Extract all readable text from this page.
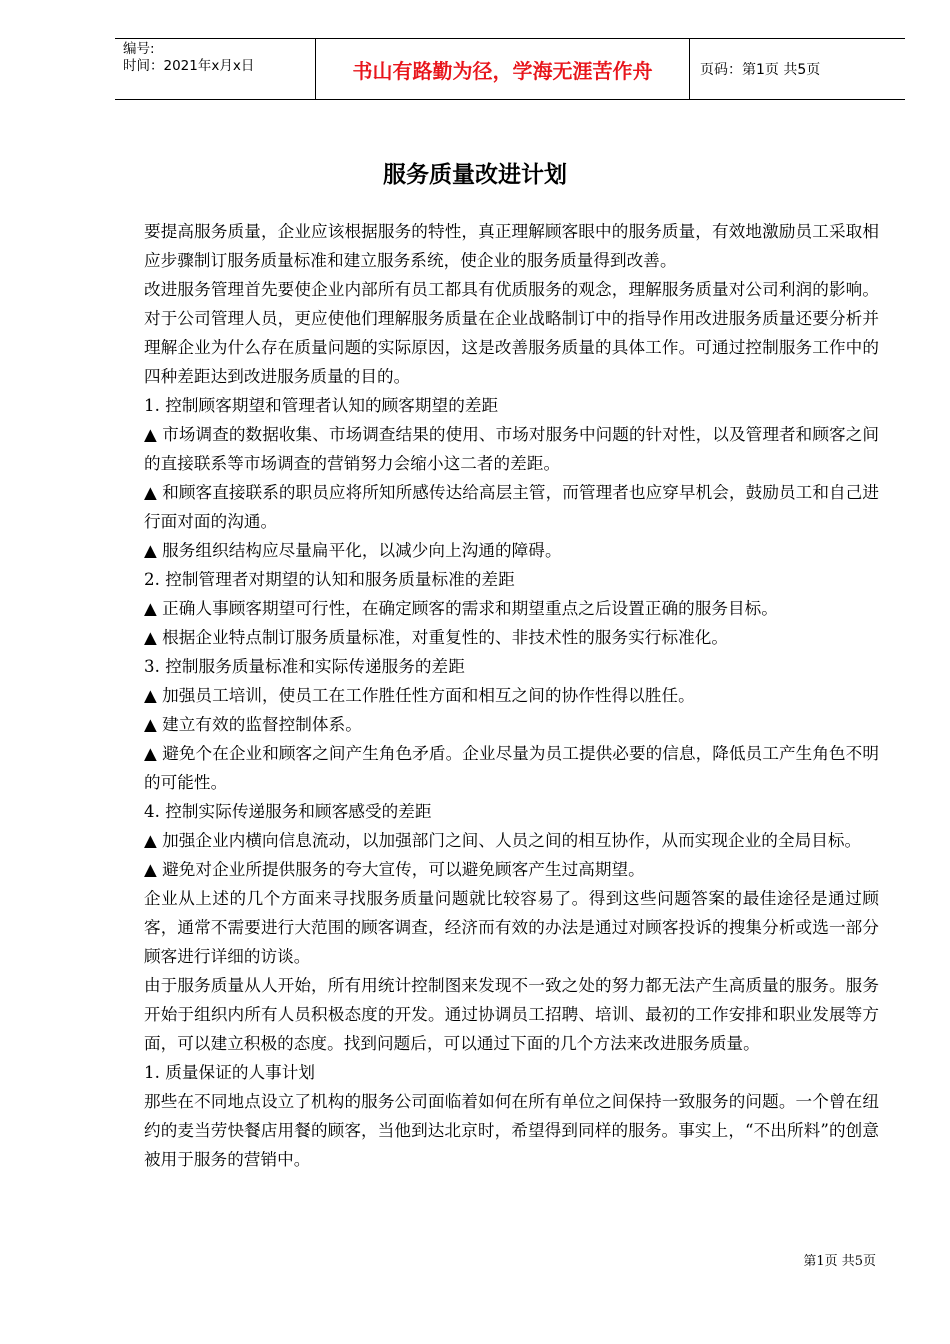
编号:
时间：2021年x月x日	书山有路勤为径，学海无涯苦作舟	页码：第1页 共5页
服务质量改进计划

要提高服务质量，企业应该根据服务的特性，真正理解顾客眼中的服务质量，有效地激励员工采取相应步骤制订服务质量标准和建立服务系统，使企业的服务质量得到改善。

改进服务管理首先要使企业内部所有员工都具有优质服务的观念，理解服务质量对公司利润的影响。对于公司管理人员，更应使他们理解服务质量在企业战略制订中的指导作用改进服务质量还要分析并理解企业为什么存在质量问题的实际原因，这是改善服务质量的具体工作。可通过控制服务工作中的四种差距达到改进服务质量的目的。

1. 控制顾客期望和管理者认知的顾客期望的差距

▲ 市场调查的数据收集、市场调查结果的使用、市场对服务中问题的针对性，以及管理者和顾客之间的直接联系等市场调查的营销努力会缩小这二者的差距。

▲ 和顾客直接联系的职员应将所知所感传达给高层主管，而管理者也应穿早机会，鼓励员工和自己进行面对面的沟通。

▲ 服务组织结构应尽量扁平化，以减少向上沟通的障碍。

2. 控制管理者对期望的认知和服务质量标准的差距

▲ 正确人事顾客期望可行性，在确定顾客的需求和期望重点之后设置正确的服务目标。

▲ 根据企业特点制订服务质量标准，对重复性的、非技术性的服务实行标准化。

3. 控制服务质量标准和实际传递服务的差距

▲ 加强员工培训，使员工在工作胜任性方面和相互之间的协作性得以胜任。

▲ 建立有效的监督控制体系。

▲ 避免个在企业和顾客之间产生角色矛盾。企业尽量为员工提供必要的信息，降低员工产生角色不明的可能性。

4. 控制实际传递服务和顾客感受的差距

▲ 加强企业内横向信息流动，以加强部门之间、人员之间的相互协作，从而实现企业的全局目标。

▲ 避免对企业所提供服务的夸大宣传，可以避免顾客产生过高期望。

企业从上述的几个方面来寻找服务质量问题就比较容易了。得到这些问题答案的最佳途径是通过顾客，通常不需要进行大范围的顾客调查，经济而有效的办法是通过对顾客投诉的搜集分析或选一部分顾客进行详细的访谈。

由于服务质量从人开始，所有用统计控制图来发现不一致之处的努力都无法产生高质量的服务。服务开始于组织内所有人员积极态度的开发。通过协调员工招聘、培训、最初的工作安排和职业发展等方面，可以建立积极的态度。找到问题后，可以通过下面的几个方法来改进服务质量。

1. 质量保证的人事计划

那些在不同地点设立了机构的服务公司面临着如何在所有单位之间保持一致服务的问题。一个曾在纽约的麦当劳快餐店用餐的顾客，当他到达北京时，希望得到同样的服务。事实上，“不出所料”的创意被用于服务的营销中。

第1页 共5页
